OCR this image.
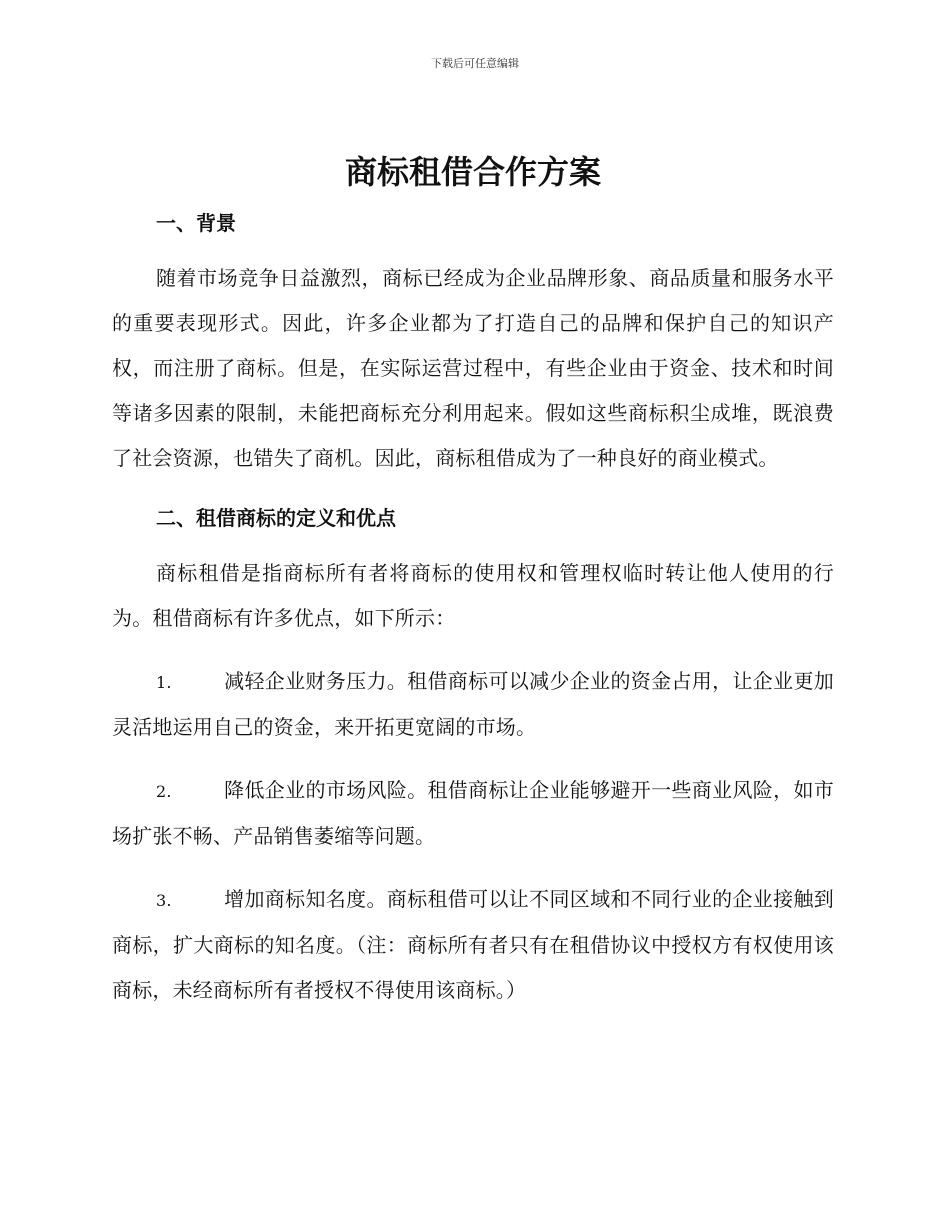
下载后可任意编辑
商标租借合作方案
一、背景

随着市场竞争日益激烈，商标已经成为企业品牌形象、商品质量和服务水平的重要表现形式。因此，许多企业都为了打造自己的品牌和保护自己的知识产权，而注册了商标。但是，在实际运营过程中，有些企业由于资金、技术和时间等诸多因素的限制，未能把商标充分利用起来。假如这些商标积尘成堆，既浪费了社会资源，也错失了商机。因此，商标租借成为了一种良好的商业模式。

二、租借商标的定义和优点

商标租借是指商标所有者将商标的使用权和管理权临时转让他人使用的行为。租借商标有许多优点，如下所示：

1.	减轻企业财务压力。租借商标可以减少企业的资金占用，让企业更加灵活地运用自己的资金，来开拓更宽阔的市场。

2.	降低企业的市场风险。租借商标让企业能够避开一些商业风险，如市场扩张不畅、产品销售萎缩等问题。

3.	增加商标知名度。商标租借可以让不同区域和不同行业的企业接触到商标，扩大商标的知名度。（注：商标所有者只有在租借协议中授权方有权使用该商标，未经商标所有者授权不得使用该商标。）
